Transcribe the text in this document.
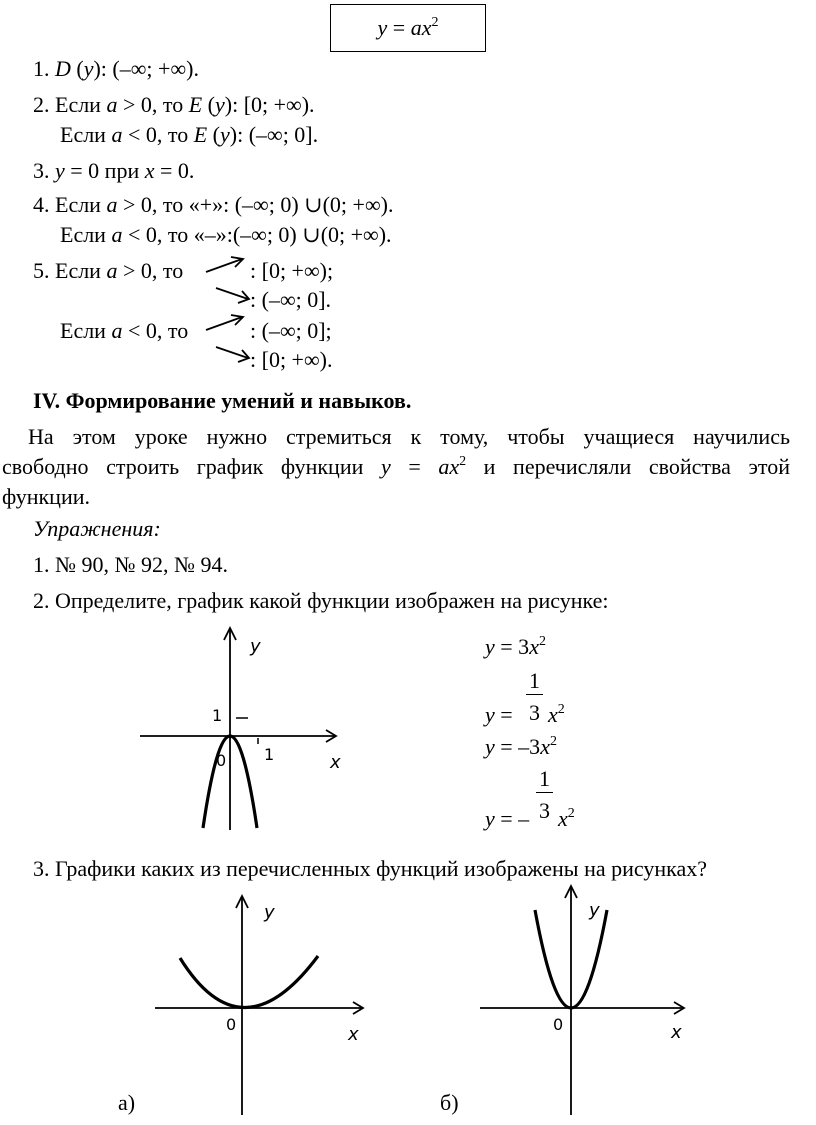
$y = ax^2$
1. D (y): (–∞; +∞).
2. Если a > 0, то E (y): [0; +∞).
Если a < 0, то E (y): (–∞; 0].
3. y = 0 при x = 0.
4. Если a > 0, то «+»: (–∞; 0) ∪(0; +∞).
Если a < 0, то «–»:(–∞; 0) ∪(0; +∞).
5. Если a > 0, то	: [0; +∞);
: (–∞; 0].
Если a < 0, то	: (–∞; 0];
: [0; +∞).
IV. Формирование умений и навыков.
На этом уроке нужно стремиться к тому, чтобы учащиеся научились
свободно строить график функции $y = ax^2$ и перечисляли свойства этой
функции.
Упражнения:
1. № 90, № 92, № 94.
2. Определите, график какой функции изображен на рисунке:
y
x
0
1
1
$y = 3x^2$
1
y = 3 $x^2$
$y = -3x^2$
1
y = – 3 $x^2$
3. Графики каких из перечисленных функций изображены на рисунках?
y
x
0
а)
y
x
0
б)
